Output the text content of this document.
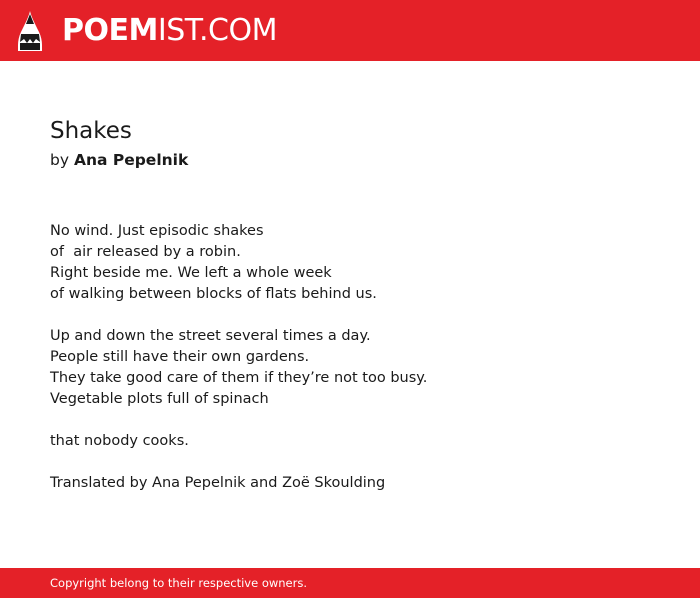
POEMIST.COM
Shakes
by Ana Pepelnik
No wind. Just episodic shakes
of  air released by a robin.
Right beside me. We left a whole week
of walking between blocks of flats behind us.
Up and down the street several times a day.
People still have their own gardens.
They take good care of them if they’re not too busy.
Vegetable plots full of spinach
that nobody cooks.
Translated by Ana Pepelnik and Zoë Skoulding
Copyright belong to their respective owners.
